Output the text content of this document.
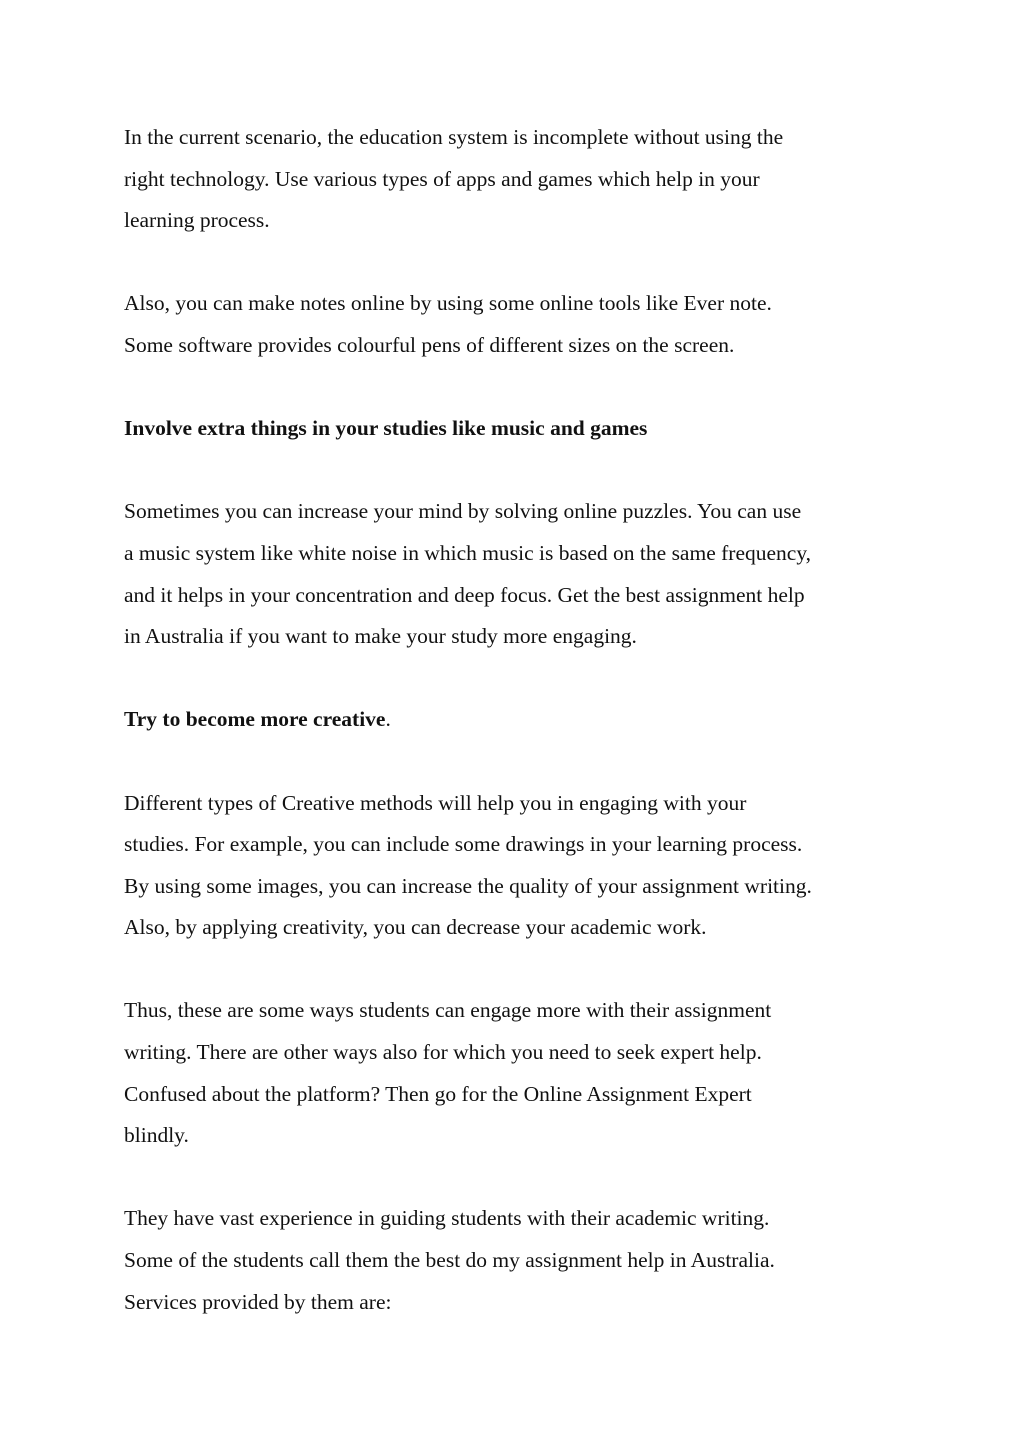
In the current scenario, the education system is incomplete without using the
right technology. Use various types of apps and games which help in your
learning process.

Also, you can make notes online by using some online tools like Ever note.
Some software provides colourful pens of different sizes on the screen.

Involve extra things in your studies like music and games

Sometimes you can increase your mind by solving online puzzles. You can use
a music system like white noise in which music is based on the same frequency,
and it helps in your concentration and deep focus. Get the best assignment help
in Australia if you want to make your study more engaging.

Try to become more creative.

Different types of Creative methods will help you in engaging with your
studies. For example, you can include some drawings in your learning process.
By using some images, you can increase the quality of your assignment writing.
Also, by applying creativity, you can decrease your academic work.

Thus, these are some ways students can engage more with their assignment
writing. There are other ways also for which you need to seek expert help.
Confused about the platform? Then go for the Online Assignment Expert
blindly.

They have vast experience in guiding students with their academic writing.
Some of the students call them the best do my assignment help in Australia.
Services provided by them are:
